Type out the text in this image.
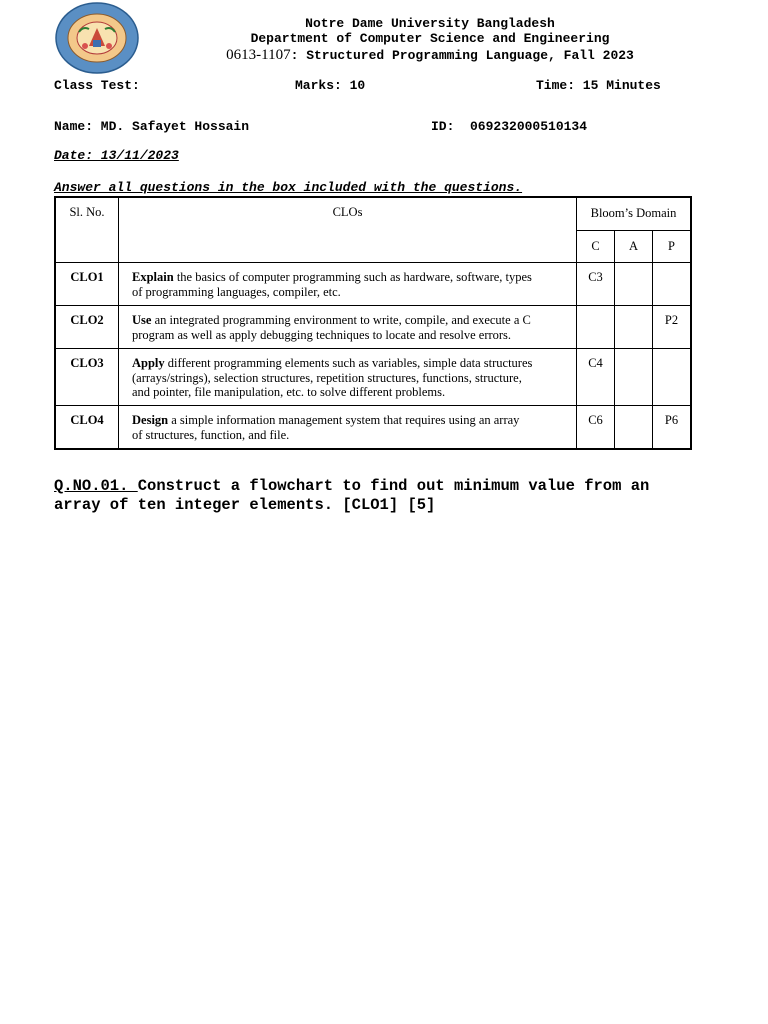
Notre Dame University Bangladesh
Department of Computer Science and Engineering
0613-1107: Structured Programming Language, Fall 2023
Class Test:	Marks: 10	Time: 15 Minutes
Name: MD. Safayet Hossain	ID:  069232000510134
Date: 13/11/2023
Answer all questions in the box included with the questions.
Sl. No.	CLOs	Bloom’s Domain		
		C	A	P
CLO1	Explain the basics of computer programming such as hardware, software, types
of programming languages, compiler, etc.	C3		
CLO2	Use an integrated programming environment to write, compile, and execute a C
program as well as apply debugging techniques to locate and resolve errors.			P2
CLO3	Apply different programming elements such as variables, simple data structures
(arrays/strings), selection structures, repetition structures, functions, structure,
and pointer, file manipulation, etc. to solve different problems.	C4		
CLO4	Design a simple information management system that requires using an array
of structures, function, and file.	C6		P6
Q.NO.01. Construct a flowchart to find out minimum value from an array of ten integer elements. [CLO1] [5]
